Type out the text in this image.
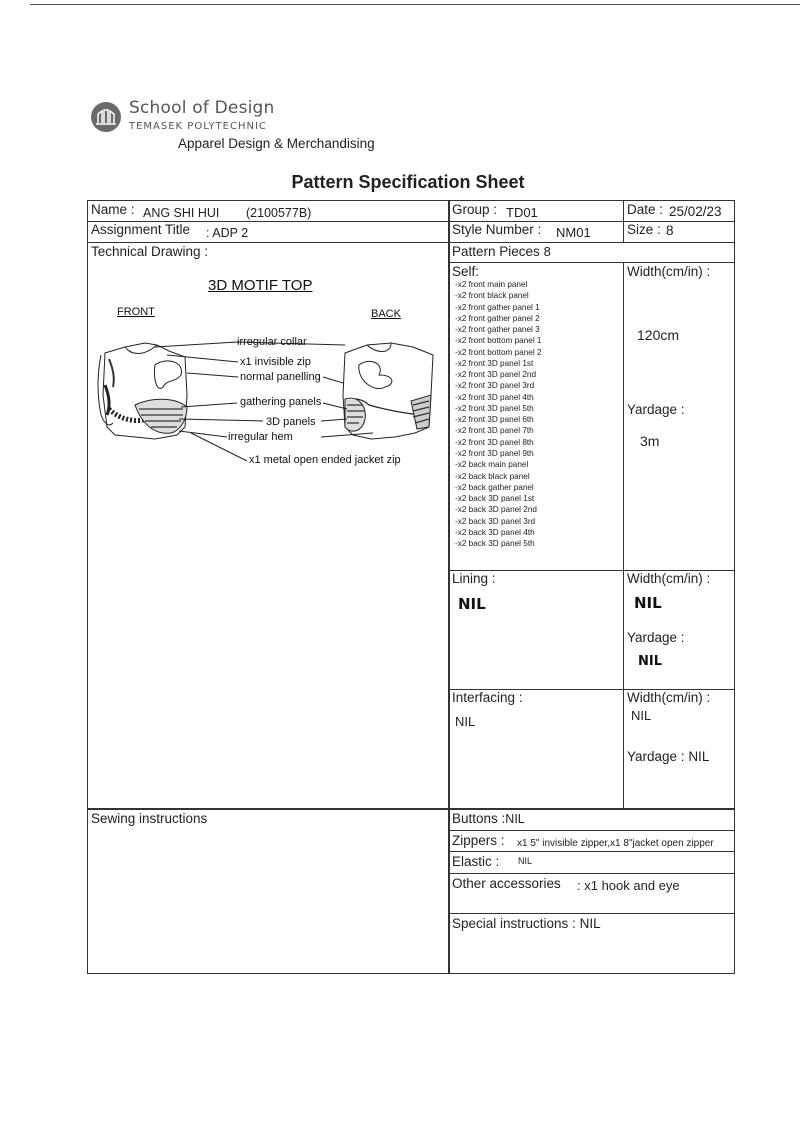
School of Design
TEMASEK POLYTECHNIC
Apparel Design & Merchandising
Pattern Specification Sheet
Name : ANG SHI HUI (2100577B)	Group : TD01	Date : 25/02/23
Assignment Title : ADP 2	Style Number : NM01	Size : 8
Technical Drawing :
3D MOTIF TOP
FRONT	BACK
irregular collar
x1 invisible zip
normal panelling
gathering panels
3D panels
irregular hem
x1 metal open ended jacket zip
Pattern Pieces 8
Self:
-x2 front main panel
-x2 front black panel
-x2 front gather panel 1
-x2 front gather panel 2
-x2 front gather panel 3
-x2 front bottom panel 1
-x2 front bottom panel 2
-x2 front 3D panel 1st
-x2 front 3D panel 2nd
-x2 front 3D panel 3rd
-x2 front 3D panel 4th
-x2 front 3D panel 5th
-x2 front 3D panel 6th
-x2 front 3D panel 7th
-x2 front 3D panel 8th
-x2 front 3D panel 9th
-x2 back main panel
-x2 back black panel
-x2 back gather panel
-x2 back 3D panel 1st
-x2 back 3D panel 2nd
-x2 back 3D panel 3rd
-x2 back 3D panel 4th
-x2 back 3D panel 5th
Width(cm/in) :
120cm
Yardage :
3m
Lining :
NIL
Width(cm/in) :
NIL
Yardage :
NIL
Interfacing :
NIL
Width(cm/in) :
NIL
Yardage : NIL
Sewing instructions	Buttons :NIL
Zippers : x1 5" invisible zipper,x1 8"jacket open zipper
Elastic : NIL
Other accessories : x1 hook and eye
Special instructions : NIL
